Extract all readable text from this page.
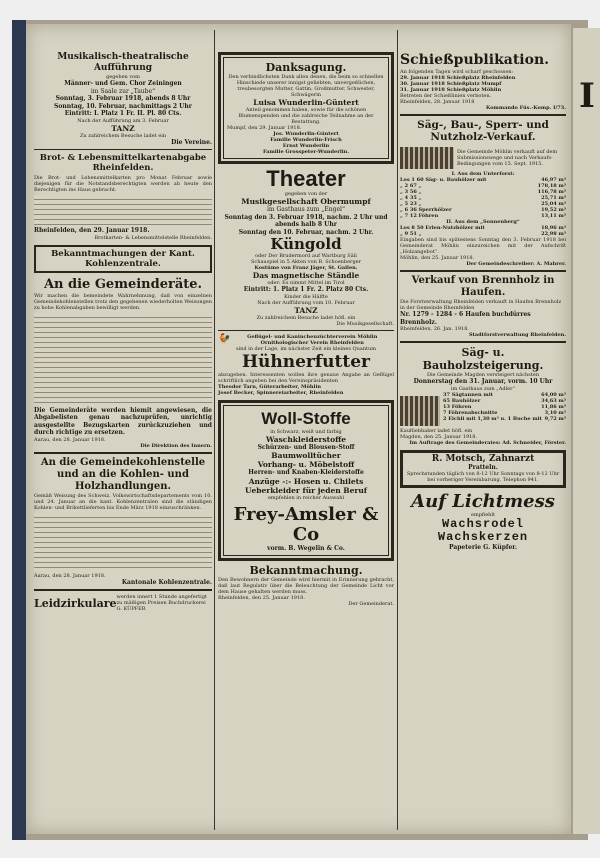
I
Musikalisch-theatralische Aufführung
gegeben vom
Männer- und Gem. Chor Zeiningen
im Saale zur „Taube“
Sonntag, 3. Februar 1918, abends 8 Uhr
Sonntag, 10. Februar, nachmittags 2 Uhr
Eintritt: I. Platz 1 Fr. II. Pl. 80 Cts.
Nach der Aufführung am 3. Februar
TANZ
Zu zahlreichem Besuche ladet ein
Die Vereine.
Brot- & Lebensmittelkartenabgabe Rheinfelden.
Die Brot- und Lebensmittelkarten pro Monat Februar sowie diejenigen für die Notstandsberechtigten werden ab heute den Berechtigten ins Haus gebracht.
Rheinfelden, den 29. Januar 1918.
Brotkarten- & Lebensmittelstelle Rheinfelden.
Bekanntmachungen der Kant. Kohlenzentrale.
An die Gemeinderäte.
Wir machen die bemeindete Wahrnehmung, daß von einzelnen Gemeindekohlenstellen trotz den gegebenen wiederholten Weisungen zu hohe Kohlenabgaben bewilligt werden.
Die Gemeinderäte werden hiemit angewiesen, die Abgabelisten genau nachzuprüfen, unrichtig ausgestellte Bezugskarten zurückzuziehen und durch richtige zu ersetzen.
Aarau, den 28. Januar 1918.
Die Direktion des Innern.
An die Gemeindekohlenstelle und an die Kohlen- und Holzhandlungen.
Gemäß Weisung des Schweiz. Volkswirtschaftsdepartements vom 10. und 24. Januar an die kant. Kohlenzentralen sind die ständigen Kohlen- und Brikettlieferten bis Ende März 1918 einzuschränken.
Aarau, den 28. Januar 1918.
Kantonale Kohlenzentrale.
Leidzirkulare werden innert 1 Stunde angefertigt zu mäßigen Preisen Buchdruckerei G. KÜPFER
Danksagung.
Den verbindlichsten Dank allen denen, die beim so schnellen Hinschiede unserer innigst geliebten, unvergeßlichen, treubesorgten Mutter, Gattin, Großmutter, Schwester, Schwägerin
Luisa Wunderlin-Güntert
Anteil genommen haben, sowie für die schönen Blumenspenden und die zahlreiche Teilnahme an der Bestattung.
Mumpf, den 29. Januar 1918.
Jos. Wunderlin-Güntert
Familie Wunderlin-Frisch
Ernst Wunderlin
Familie Grosspeter-Wunderlin.
Theater
gegeben von der
Musikgesellschaft Obermumpf
im Gasthaus zum „Engel“
Sonntag den 3. Februar 1918, nachm. 2 Uhr und abends halb 8 Uhr
Sonntag den 10. Februar, nachm. 2 Uhr.
Küngold
oder Der Brudermord auf Wartburg Säli
Schauspiel in 5 Akten von B. Schoenberger
Kostüme von Franz Jäger, St. Gallen.
Das magnetische Ständle
oder: Es nimmt Mittel im Tirol
Eintritt: 1. Platz 1 Fr. 2. Platz 80 Cts.
Kinder die Hälfte
Nach der Aufführung vom 10. Februar
TANZ
Zu zahlreichem Besuche ladet höfl. ein
Die Musikgesellschaft.
🐓	Geflügel- und Kaninchenzüchterverein Möhlin Ornithologischer Verein Rheinfelden
sind in der Lage, im nächster Zeit ein kleines Quantum
Hühnerfutter
abzugeben. Interessenten wollen ihre genaue Angabe an Geflügel schriftlich angeben bei den Vereinspräsidenten
Theodor Tarn, Güterarbeiter, Möhlin
Josef Becker, Spinnereiarbeiter, Rheinfelden
Woll-Stoffe
in Schwarz, weiß und farbig
Waschkleiderstoffe
Schürzen- und Blousen-Stoff
Baumwolltücher
Vorhang- u. Möbelstoff
Herren- und Knaben-Kleiderstoffe
Anzüge -:- Hosen u. Chilets
Ueberkleider für jeden Beruf
empfehlen in reicher Auswahl
Frey-Amsler & Co
vorm. B. Wegelin & Co.
Bekanntmachung.
Den Bewohnern der Gemeinde wird hiermit in Erinnerung gebracht, daß laut Regulativ über die Beleuchtung der Gemeinde Licht vor dem Hause gehalten werden muss.
Rheinfelden, den 25. Januar 1918.
Der Gemeinderat.
Schießpublikation.
An folgenden Tagen wird scharf geschossen:
29. Januar 1918 Schießplatz Rheinfelden
30. Januar 1918 Schießplatz Mumpf
31. Januar 1918 Schießplatz Möhlin
Betreten der Schießlinien verboten.
Rheinfelden, 28. Januar 1918
Kommando Füs.-Komp. I/73.
Säg-, Bau-, Sperr- und Nutzholz-Verkauf.
Die Gemeinde Möhlin verkauft auf dem Submissionswege und nach Verkaufs-Bedingungen vom 15. Sept. 1915.
I. Aus dem Unterforst:
Los 1 60 Säg- u. Bauhölzer mit	46,97 m³
„ 2 67 „	178,18 m³
„ 3 56 „	116,78 m³
„ 4 35 „	25,71 m³
„ 5 23 „	25,04 m³
„ 6 36 Sperrhölzer	19,52 m³
„ 7 12 Föhren	13,11 m³
II. Aus dem „Sonnenberg“
Los 8 50 Erlen-Nutzhölzer mit	18,96 m³
„ 9 51 „	22,98 m³
Eingaben sind bis spätestens Sonntag den 3. Februar 1918 bei Gemeinderat Möhlin einzureichen mit der Aufschrift „Holzangebot“.
Möhlin, den 25. Januar 1918.
Der Gemeindeschreiber: A. Mahrer.
Verkauf von Brennholz in Haufen.
Die Forstverwaltung Rheinfelden verkauft in Haufen Brennholz in der Gemeinde Rheinfelden
Nr. 1279 - 1284 - 6 Haufen buchdürres Brennholz.
Rheinfelden, 26. Jan. 1918.
Stadtforstverwaltung Rheinfelden.
Säg- u. Bauholzsteigerung.
Die Gemeinde Magden versteigert nächsten
Donnerstag den 31. Januar, vorm. 10 Uhr
im Gasthaus zum „Adler“
37 Sägtannen mit	64,00 m³
65 Bauhölzer	34,63 m³
13 Föhren	11,86 m³
7 Föhrenabschnitte	3,10 m³
2 Eichli mit 1,30 m³ u. 1 Buche mit 9,72 m³
Kaufliebhaber ladet höfl. ein
Magden, den 25. Januar 1918.
Im Auftrage des Gemeinderates: Ad. Schneider, Förster.
R. Motsch, Zahnarzt
Pratteln.
Sprechstunden täglich von 8-12 Uhr Sonntags von 8-12 Uhr bei vorheriger Vereinbarung. Telephon 941.
Auf Lichtmess
empfiehlt
Wachsrodel
Wachskerzen
Papeterie G. Küpfer.
